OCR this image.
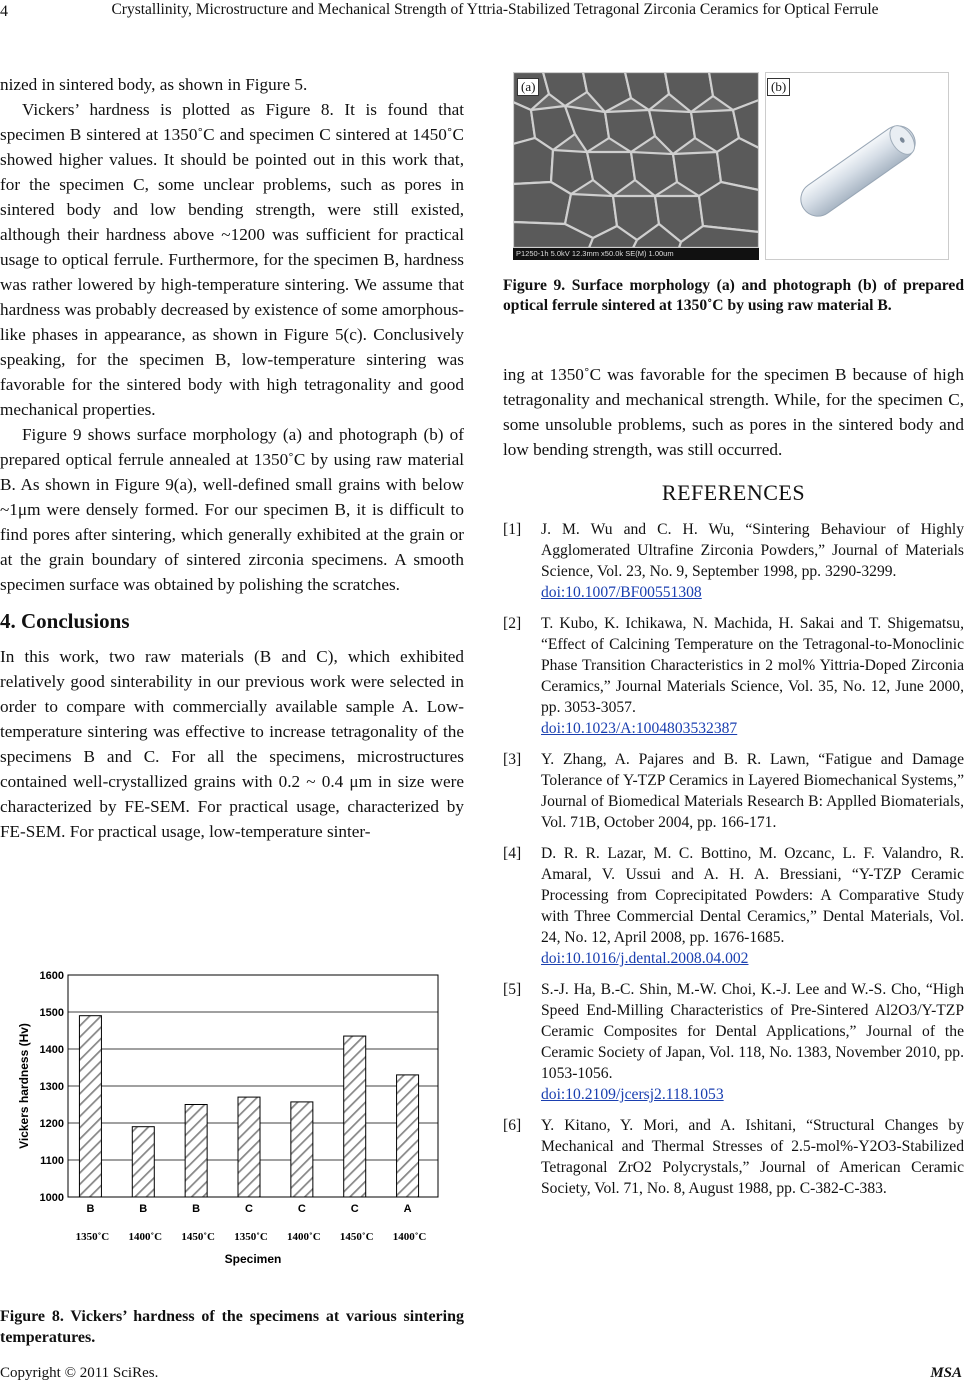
4	Crystallinity, Microstructure and Mechanical Strength of Yttria-Stabilized Tetragonal Zirconia Ceramics for Optical Ferrule

nized in sintered body, as shown in Figure 5.

Vickers’ hardness is plotted as Figure 8. It is found that specimen B sintered at 1350˚C and specimen C sintered at 1450˚C showed higher values. It should be pointed out in this work that, for the specimen C, some unclear problems, such as pores in sintered body and low bending strength, were still existed, although their hardness above ~1200 was sufficient for practical usage to optical ferrule. Furthermore, for the specimen B, hardness was rather lowered by high-temperature sintering. We assume that hardness was probably decreased by existence of some amorphous-like phases in appearance, as shown in Figure 5(c). Conclusively speaking, for the specimen B, low-temperature sintering was favorable for the sintered body with high tetragonality and good mechanical properties.

Figure 9 shows surface morphology (a) and photograph (b) of prepared optical ferrule annealed at 1350˚C by using raw material B. As shown in Figure 9(a), well-defined small grains with below ~1μm were densely formed. For our specimen B, it is difficult to find pores after sintering, which generally exhibited at the grain or at the grain boundary of sintered zirconia specimens. A smooth specimen surface was obtained by polishing the scratches.

4. Conclusions

In this work, two raw materials (B and C), which exhibited relatively good sinterability in our previous work were selected in order to compare with commercially available sample A. Low-temperature sintering was effective to increase tetragonality of the specimens B and C. For all the specimens, microstructures contained well-crystallized grains with 0.2 ~ 0.4 μm in size were characterized by FE-SEM. For practical usage, characterized by FE-SEM. For practical usage, low-temperature sinter-

1000
1100
1200
1300
1400
1500
1600
B	B	B	C	C	C	A
1350˚C 1400˚C 1450˚C 1350˚C 1400˚C 1450˚C 1400˚C
Vickers hardness (Hv)
Specimen
Figure 8. Vickers’ hardness of the specimens at various sintering temperatures.
P1250-1h 5.0kV 12.3mm x50.0k SE(M) 1.00um
(a)	(b)
Figure 9. Surface morphology (a) and photograph (b) of prepared optical ferrule sintered at 1350˚C by using raw material B.

ing at 1350˚C was favorable for the specimen B because of high tetragonality and mechanical strength. While, for the specimen C, some unsoluble problems, such as pores in the sintered body and low bending strength, was still occurred.

REFERENCES

[1] J. M. Wu and C. H. Wu, “Sintering Behaviour of Highly Agglomerated Ultrafine Zirconia Powders,” Journal of Materials Science, Vol. 23, No. 9, September 1998, pp. 3290-3299.
doi:10.1007/BF00551308

[2] T. Kubo, K. Ichikawa, N. Machida, H. Sakai and T. Shigematsu, “Effect of Calcining Temperature on the Tetragonal-to-Monoclinic Phase Transition Characteristics in 2 mol% Yittria-Doped Zirconia Ceramics,” Journal Materials Science, Vol. 35, No. 12, June 2000, pp. 3053-3057.
doi:10.1023/A:1004803532387

[3] Y. Zhang, A. Pajares and B. R. Lawn, “Fatigue and Damage Tolerance of Y-TZP Ceramics in Layered Biomechanical Systems,” Journal of Biomedical Materials Research B: Applled Biomaterials, Vol. 71B, October 2004, pp. 166-171.

[4] D. R. R. Lazar, M. C. Bottino, M. Ozcanc, L. F. Valandro, R. Amaral, V. Ussui and A. H. A. Bressiani, “Y-TZP Ceramic Processing from Coprecipitated Powders: A Comparative Study with Three Commercial Dental Ceramics,” Dental Materials, Vol. 24, No. 12, April 2008, pp. 1676-1685.
doi:10.1016/j.dental.2008.04.002

[5] S.-J. Ha, B.-C. Shin, M.-W. Choi, K.-J. Lee and W.-S. Cho, “High Speed End-Milling Characteristics of Pre-Sintered Al2O3/Y-TZP Ceramic Composites for Dental Applications,” Journal of the Ceramic Society of Japan, Vol. 118, No. 1383, November 2010, pp. 1053-1056.
doi:10.2109/jcersj2.118.1053

[6] Y. Kitano, Y. Mori, and A. Ishitani, “Structural Changes by Mechanical and Thermal Stresses of 2.5-mol%-Y2O3-Stabilized Tetragonal ZrO2 Polycrystals,” Journal of American Ceramic Society, Vol. 71, No. 8, August 1988, pp. C-382-C-383.

Copyright © 2011 SciRes.	MSA
